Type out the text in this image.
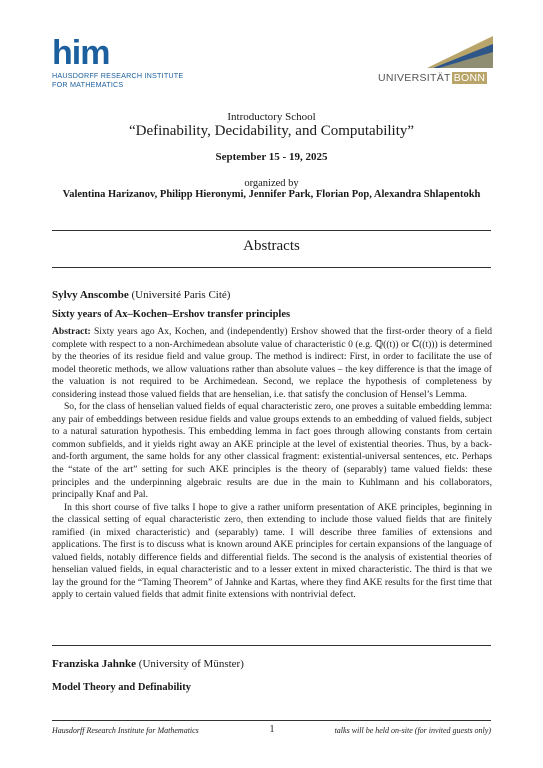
him
HAUSDORFF RESEARCH INSTITUTE
FOR MATHEMATICS
UNIVERSITÄT BONN
Introductory School
“Definability, Decidability, and Computability”
September 15 - 19, 2025
organized by
Valentina Harizanov, Philipp Hieronymi, Jennifer Park, Florian Pop, Alexandra Shlapentokh
Abstracts
Sylvy Anscombe (Université Paris Cité)
Sixty years of Ax–Kochen–Ershov transfer principles

Abstract: Sixty years ago Ax, Kochen, and (independently) Ershov showed that the first-order theory of a field complete with respect to a non-Archimedean absolute value of characteristic 0 (e.g. ℚ((t)) or ℂ((t))) is determined by the theories of its residue field and value group. The method is indirect: First, in order to facilitate the use of model theoretic methods, we allow valuations rather than absolute values – the key difference is that the image of the valuation is not required to be Archimedean. Second, we replace the hypothesis of completeness by considering instead those valued fields that are henselian, i.e. that satisfy the conclusion of Hensel’s Lemma.

So, for the class of henselian valued fields of equal characteristic zero, one proves a suitable embedding lemma: any pair of embeddings between residue fields and value groups extends to an embedding of valued fields, subject to a natural saturation hypothesis. This embedding lemma in fact goes through allowing constants from certain common subfields, and it yields right away an AKE principle at the level of existential theories. Thus, by a back-and-forth argument, the same holds for any other classical fragment: existential-universal sentences, etc. Perhaps the “state of the art” setting for such AKE principles is the theory of (separably) tame valued fields: these principles and the underpinning algebraic results are due in the main to Kuhlmann and his collaborators, principally Knaf and Pal.

In this short course of five talks I hope to give a rather uniform presentation of AKE principles, beginning in the classical setting of equal characteristic zero, then extending to include those valued fields that are finitely ramified (in mixed characteristic) and (separably) tame. I will describe three families of extensions and applications. The first is to discuss what is known around AKE principles for certain expansions of the language of valued fields, notably difference fields and differential fields. The second is the analysis of existential theories of henselian valued fields, in equal characteristic and to a lesser extent in mixed characteristic. The third is that we lay the ground for the “Taming Theorem” of Jahnke and Kartas, where they find AKE results for the first time that apply to certain valued fields that admit finite extensions with nontrivial defect.

Franziska Jahnke (University of Münster)
Model Theory and Definability
Hausdorff Research Institute for Mathematics	1	talks will be held on-site (for invited guests only)
